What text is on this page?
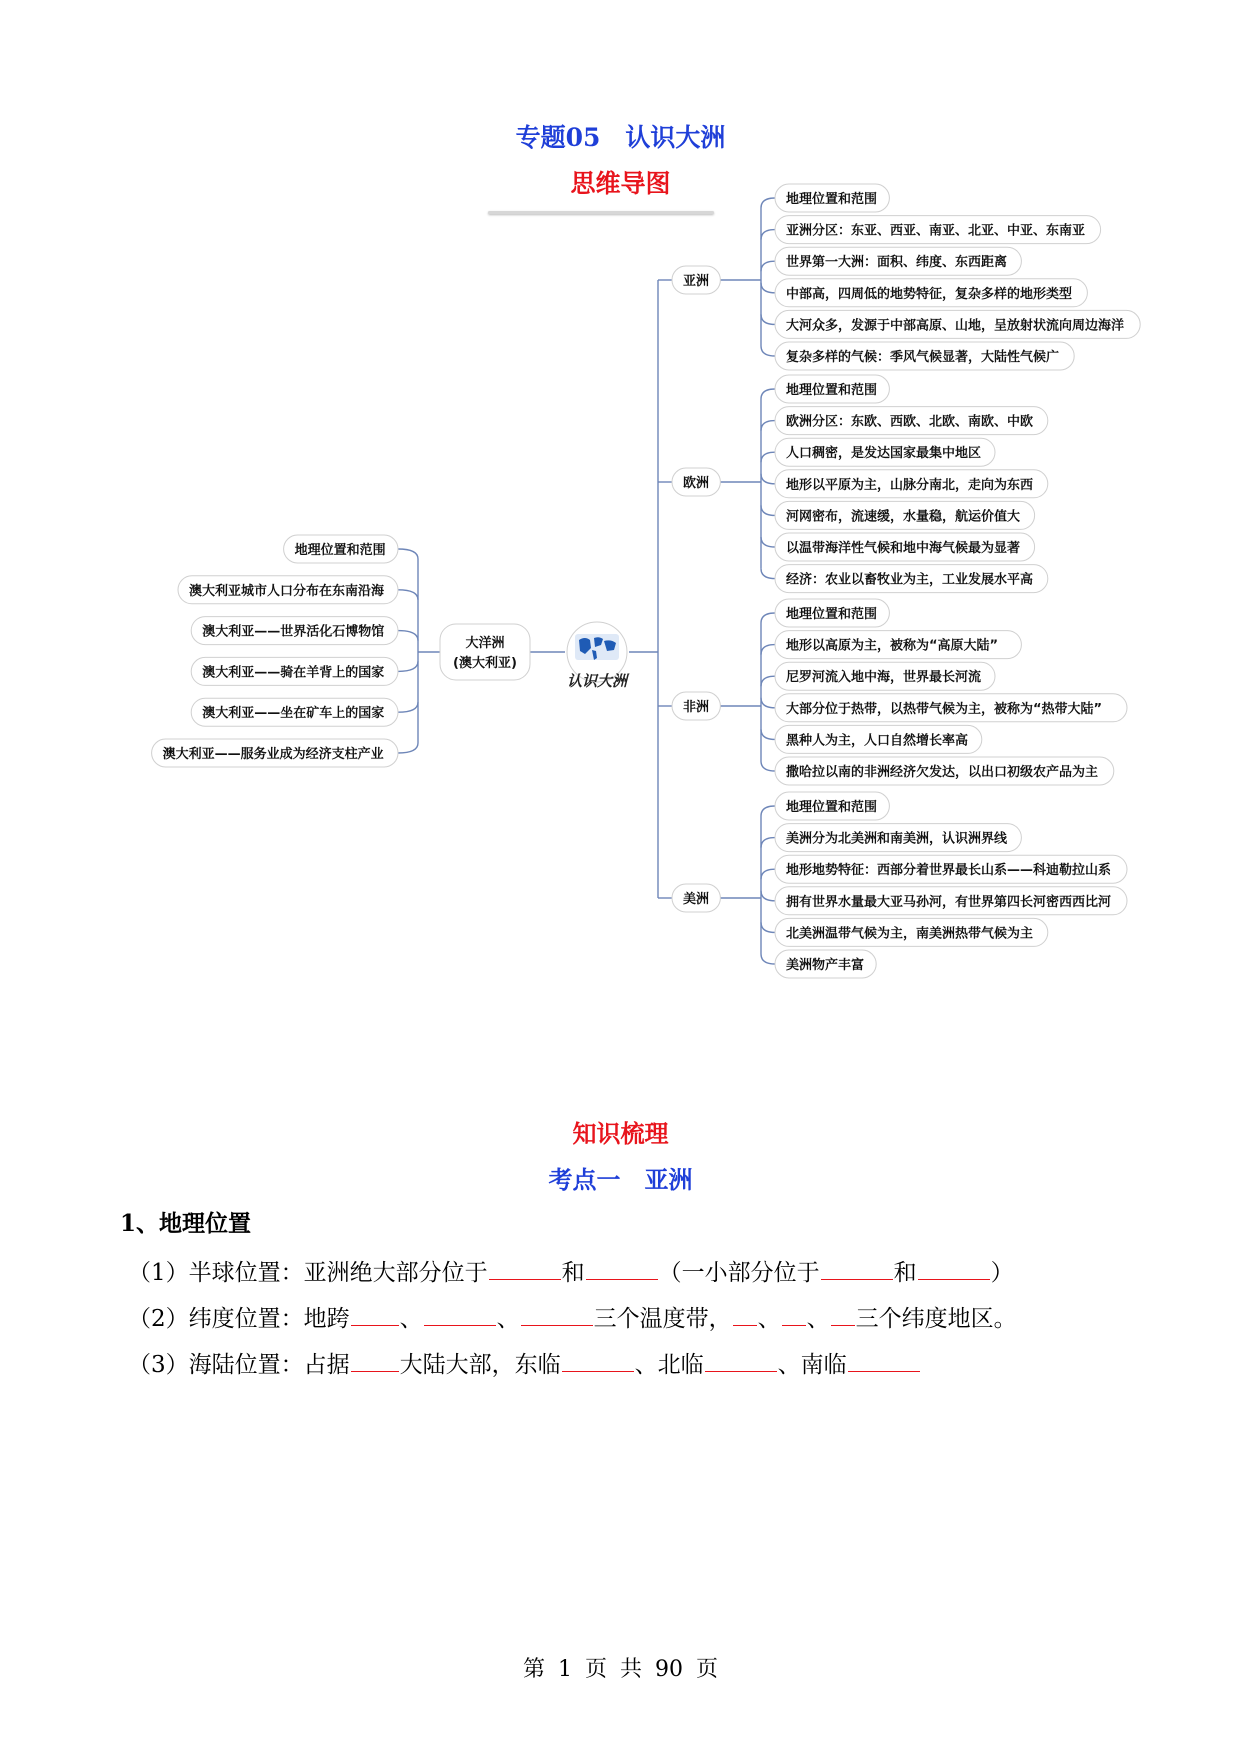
专题05　认识大洲
思维导图
亚洲
地理位置和范围
亚洲分区：东亚、西亚、南亚、北亚、中亚、东南亚
世界第一大洲：面积、纬度、东西距离
中部高，四周低的地势特征，复杂多样的地形类型
大河众多，发源于中部高原、山地，呈放射状流向周边海洋
复杂多样的气候：季风气候显著，大陆性气候广
欧洲
地理位置和范围
欧洲分区：东欧、西欧、北欧、南欧、中欧
人口稠密，是发达国家最集中地区
地形以平原为主，山脉分南北，走向为东西
河网密布，流速缓，水量稳，航运价值大
以温带海洋性气候和地中海气候最为显著
经济：农业以畜牧业为主，工业发展水平高
非洲
地理位置和范围
地形以高原为主，被称为“高原大陆”
尼罗河流入地中海，世界最长河流
大部分位于热带，以热带气候为主，被称为“热带大陆”
黑种人为主，人口自然增长率高
撒哈拉以南的非洲经济欠发达，以出口初级农产品为主
美洲
地理位置和范围
美洲分为北美洲和南美洲，认识洲界线
地形地势特征：西部分着世界最长山系——科迪勒拉山系
拥有世界水量最大亚马孙河，有世界第四长河密西西比河
北美洲温带气候为主，南美洲热带气候为主
美洲物产丰富
大洋洲
(澳大利亚)
地理位置和范围
澳大利亚城市人口分布在东南沿海
澳大利亚——世界活化石博物馆
澳大利亚——骑在羊背上的国家
澳大利亚——坐在矿车上的国家
澳大利亚——服务业成为经济支柱产业
认识大洲
知识梳理
考点一　亚洲
1、地理位置
（1）半球位置：亚洲绝大部分位于	和	（一小部分位于	和	）
（2）纬度位置：地跨 、	、	三个温度带， 、 、 三个纬度地区。
（3）海陆位置：占据 大陆大部，东临	、北临	、南临
第 1 页 共 90 页
